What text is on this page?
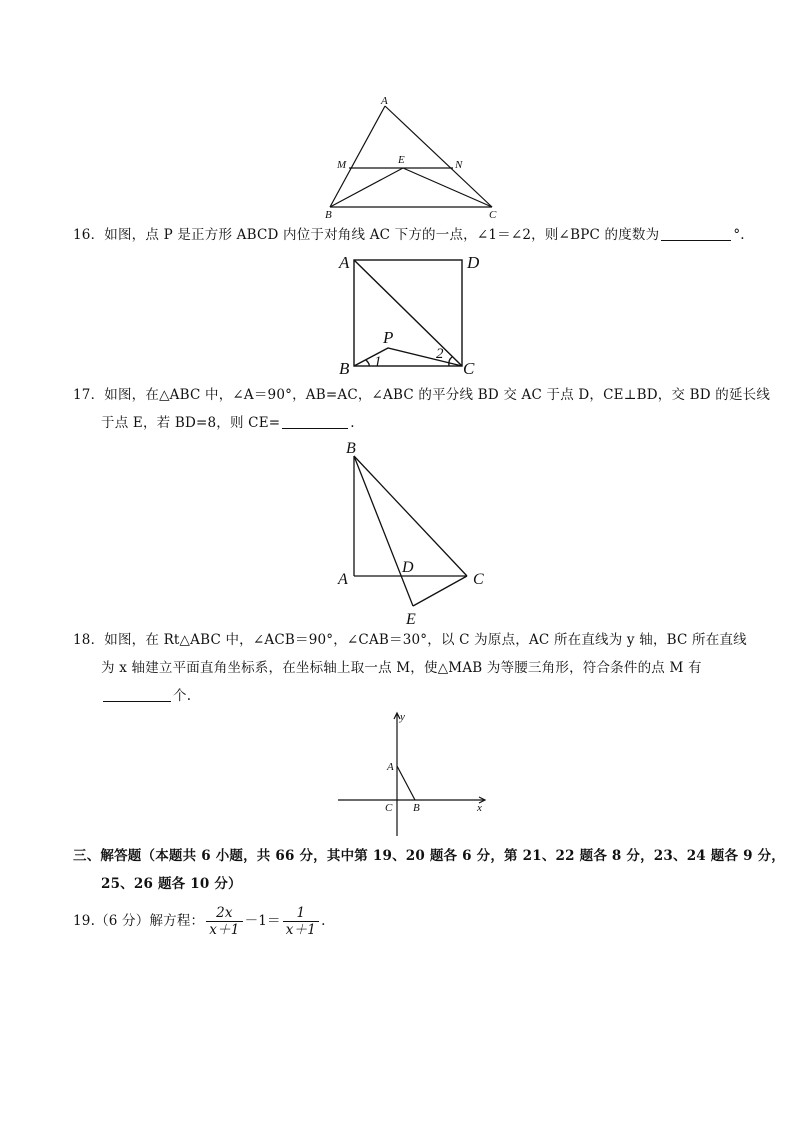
A
M	E	N
B	C
16．如图，点 P 是正方形 ABCD 内位于对角线 AC 下方的一点，∠1＝∠2，则∠BPC 的度数为	°.
A	D
P
B	C
1	2
17．如图，在△ABC 中，∠A＝90°，AB=AC，∠ABC 的平分线 BD 交 AC 于点 D，CE⊥BD，交 BD 的延长线
于点 E，若 BD=8，则 CE=	.
B
A
D
C
E
18．如图，在 Rt△ABC 中，∠ACB＝90°，∠CAB＝30°，以 C 为原点，AC 所在直线为 y 轴，BC 所在直线
为 x 轴建立平面直角坐标系，在坐标轴上取一点 M，使△MAB 为等腰三角形，符合条件的点 M 有
个.
y
x
A
C B
三、解答题（本题共 6 小题，共 66 分，其中第 19、20 题各 6 分，第 21、22 题各 8 分，23、24 题各 9 分，
25、26 题各 10 分）
19.（6 分）解方程： $\frac{2x}{x+1} -1= \frac{1}{x+1}$ .
